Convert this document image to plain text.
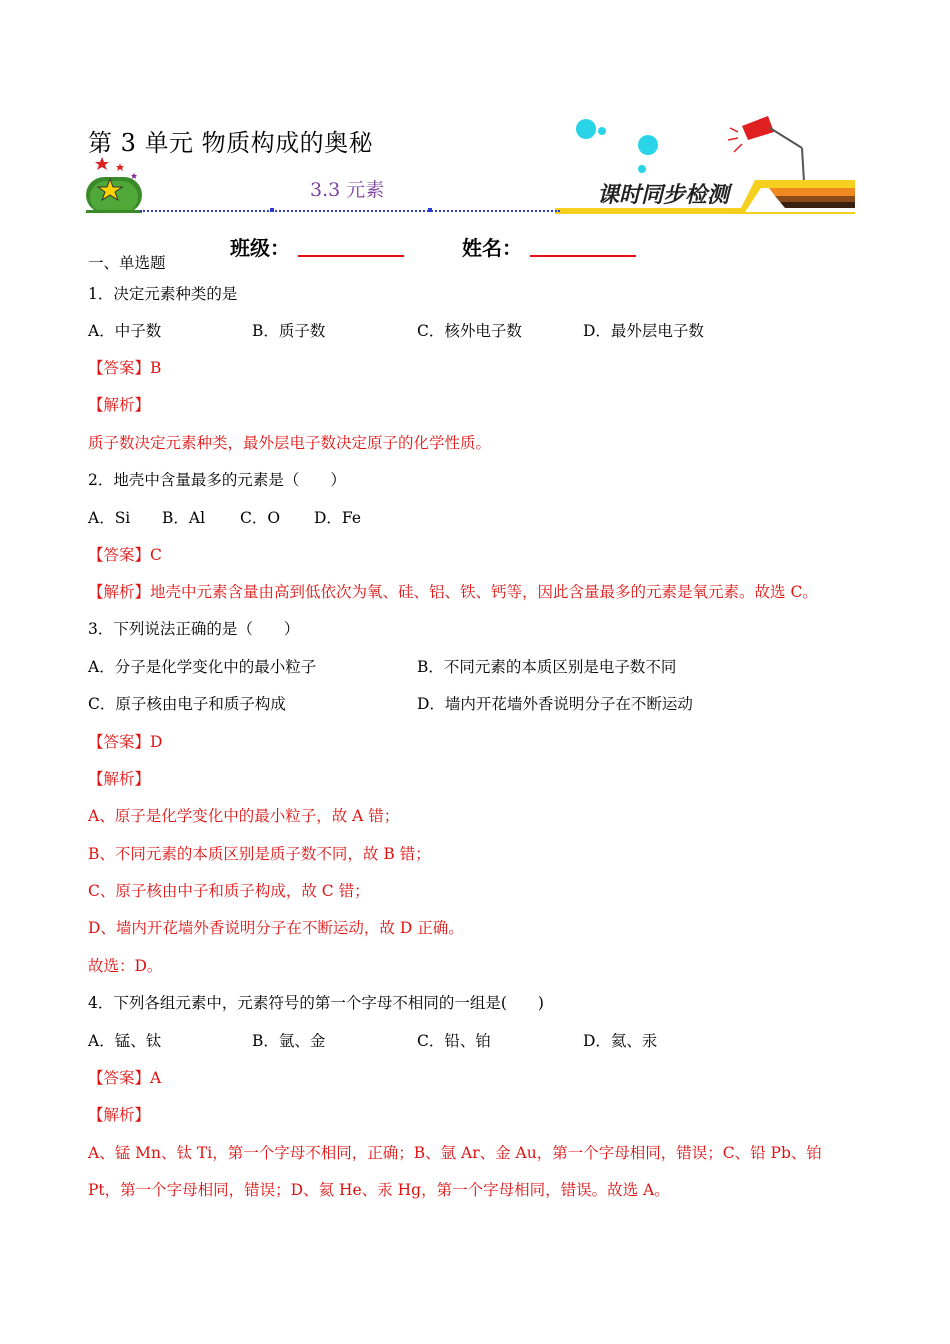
课时同步检测
第 3 单元 物质构成的奥秘
3.3 元素
班级：	姓名：
一、单选题
1．决定元素种类的是
A．中子数	B．质子数	C．核外电子数	D．最外层电子数
【答案】B
【解析】
质子数决定元素种类，最外层电子数决定原子的化学性质。
2．地壳中含量最多的元素是（　　）
A．Si B．Al C．O D．Fe
【答案】C
【解析】地壳中元素含量由高到低依次为氧、硅、铝、铁、钙等，因此含量最多的元素是氧元素。故选 C。
3．下列说法正确的是（　　）
A．分子是化学变化中的最小粒子	B．不同元素的本质区别是电子数不同
C．原子核由电子和质子构成	D．墙内开花墙外香说明分子在不断运动
【答案】D
【解析】
A、原子是化学变化中的最小粒子，故 A 错；
B、不同元素的本质区别是质子数不同，故 B 错；
C、原子核由中子和质子构成，故 C 错；
D、墙内开花墙外香说明分子在不断运动，故 D 正确。
故选：D。
4．下列各组元素中，元素符号的第一个字母不相同的一组是(　　)
A．锰、钛	B．氩、金	C．铅、铂	D．氦、汞
【答案】A
【解析】
A、锰 Mn、钛 Ti，第一个字母不相同，正确；B、氩 Ar、金 Au，第一个字母相同，错误；C、铅 Pb、铂
Pt，第一个字母相同，错误；D、氦 He、汞 Hg，第一个字母相同，错误。故选 A。
